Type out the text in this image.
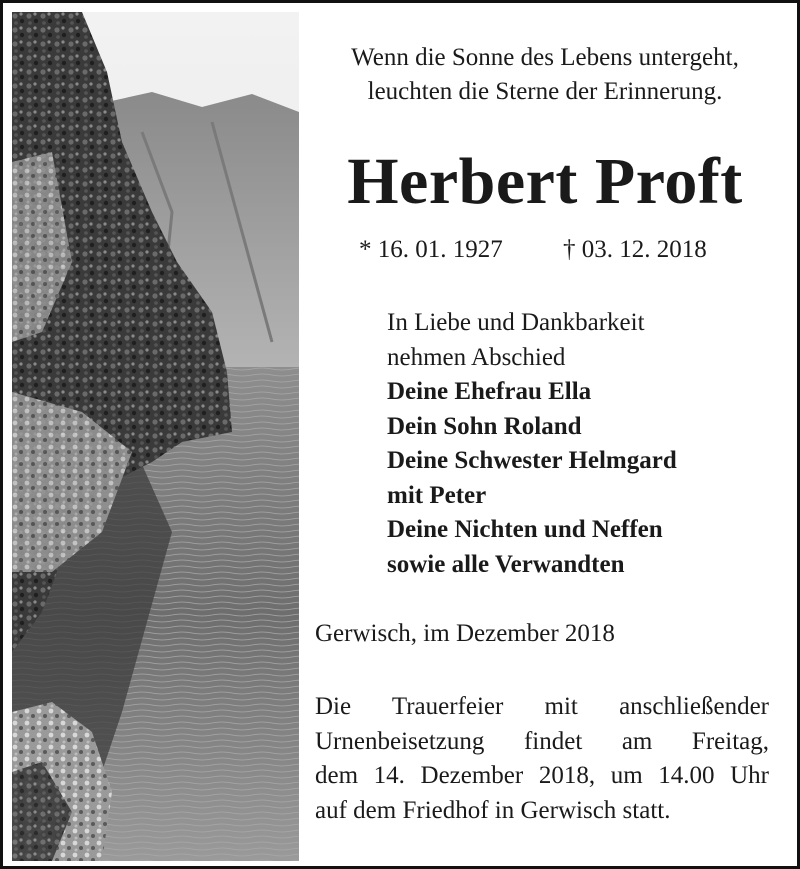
Wenn die Sonne des Lebens untergeht,
leuchten die Sterne der Erinnerung.
Herbert Proft
* 16. 01. 1927 † 03. 12. 2018
In Liebe und Dankbarkeit
nehmen Abschied
Deine Ehefrau Ella
Dein Sohn Roland
Deine Schwester Helmgard
mit Peter
Deine Nichten und Neffen
sowie alle Verwandten
Gerwisch, im Dezember 2018
Die Trauerfeier mit anschließender
Urnenbeisetzung findet am Freitag,
dem 14. Dezember 2018, um 14.00 Uhr
auf dem Friedhof in Gerwisch statt.
